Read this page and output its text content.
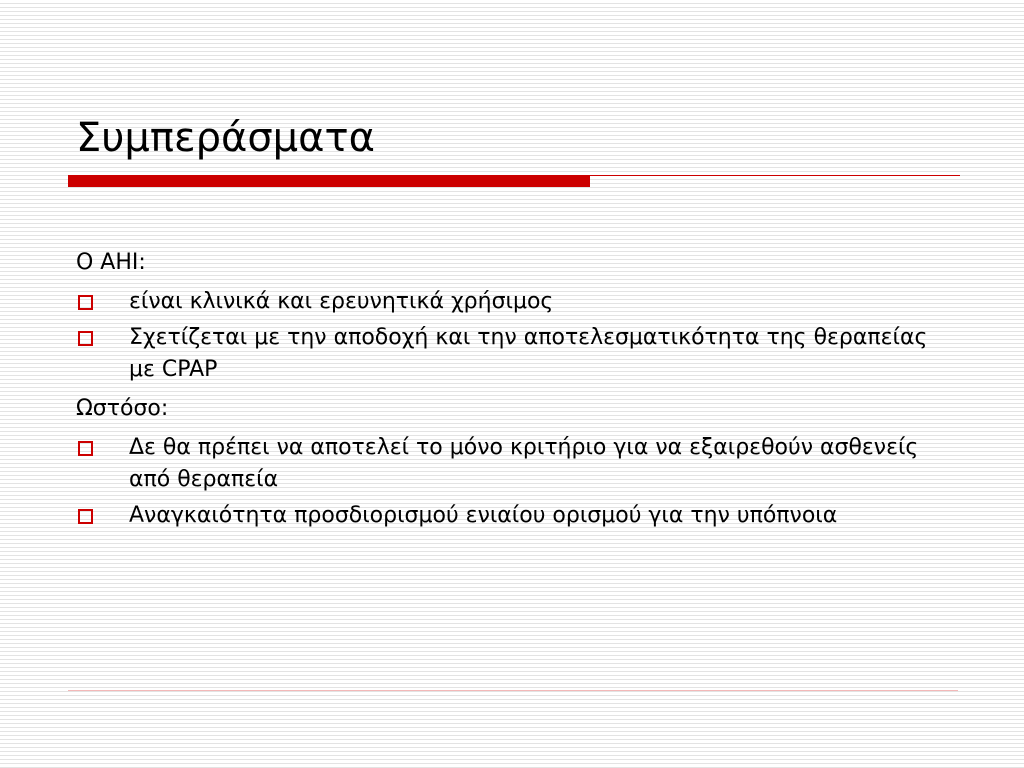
Συμπεράσματα

Ο AHI:

είναι κλινικά και ερευνητικά χρήσιμος
Σχετίζεται με την αποδοχή και την αποτελεσματικότητα της θεραπείας με CPAP

Ωστόσο:

Δε θα πρέπει να αποτελεί το μόνο κριτήριο για να εξαιρεθούν ασθενείς από θεραπεία
Αναγκαιότητα προσδιορισμού ενιαίου ορισμού για την υπόπνοια
